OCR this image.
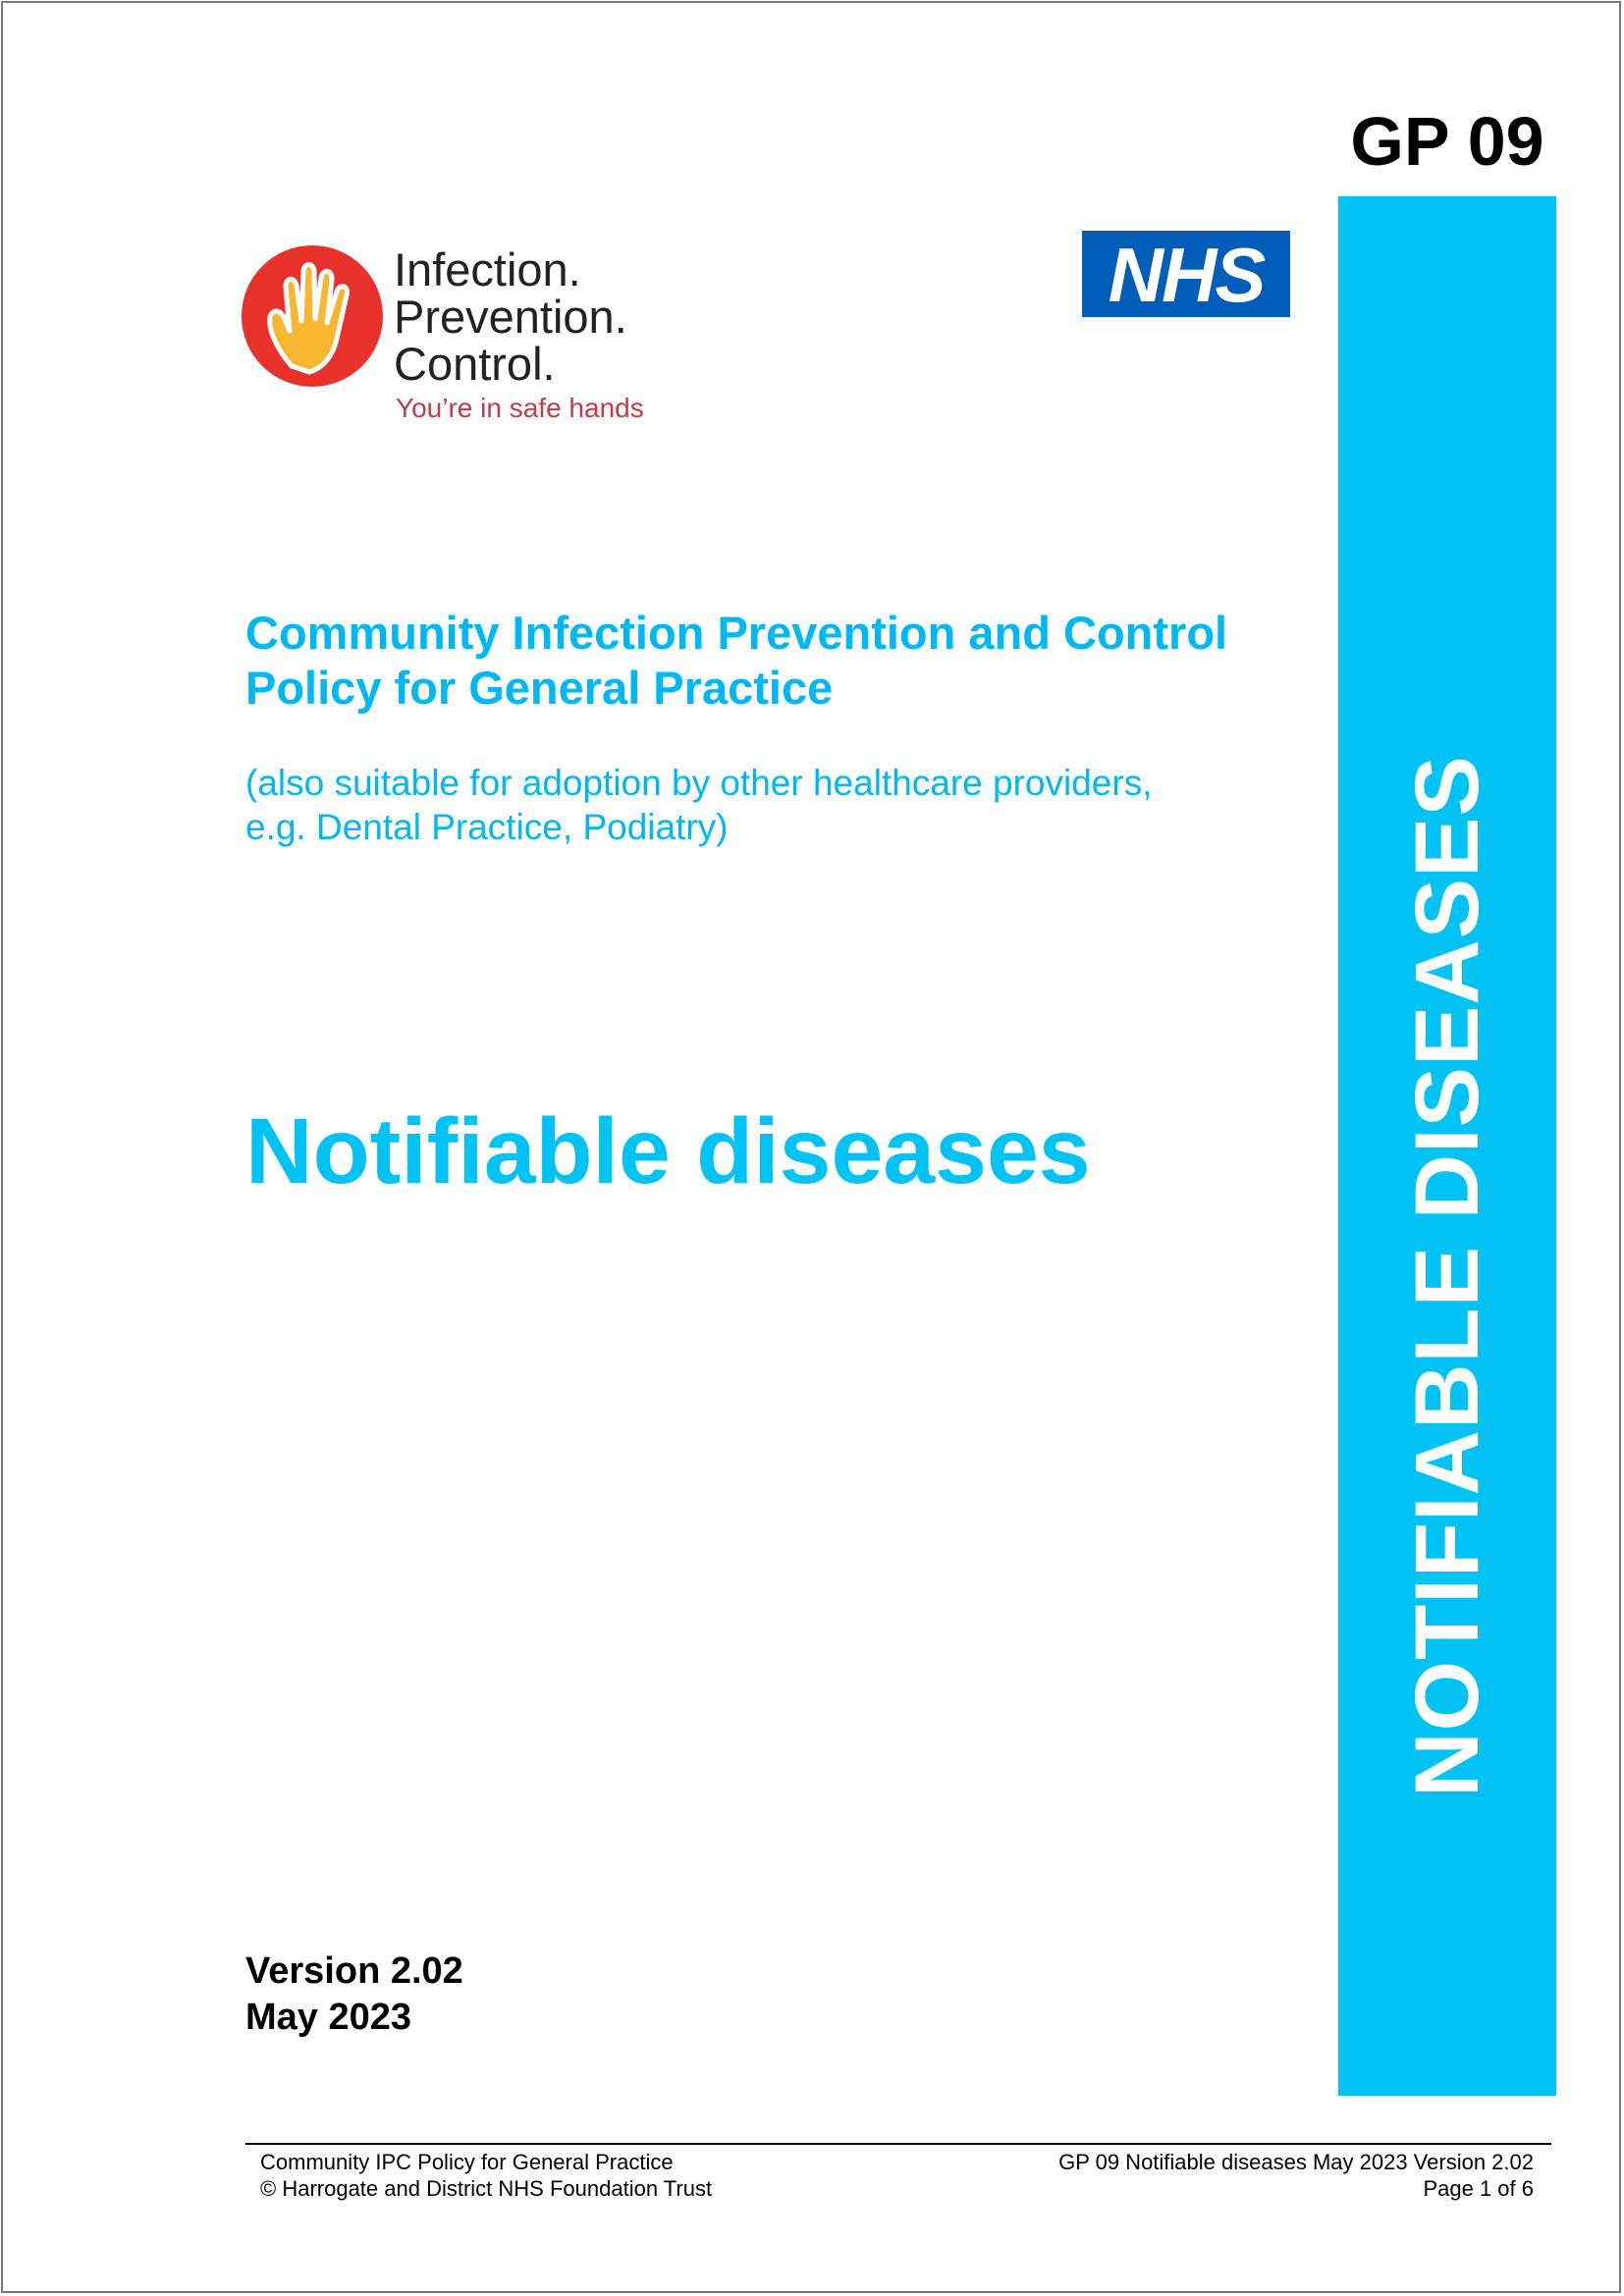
GP 09
NOTIFIABLE DISEASES
Infection.
Prevention.
Control.
You’re in safe hands
NHS
Community Infection Prevention and Control
Policy for General Practice
(also suitable for adoption by other healthcare providers,
e.g. Dental Practice, Podiatry)
Notifiable diseases
Version 2.02
May 2023
Community IPC Policy for General Practice
© Harrogate and District NHS Foundation Trust
GP 09 Notifiable diseases May 2023 Version 2.02
Page 1 of 6
